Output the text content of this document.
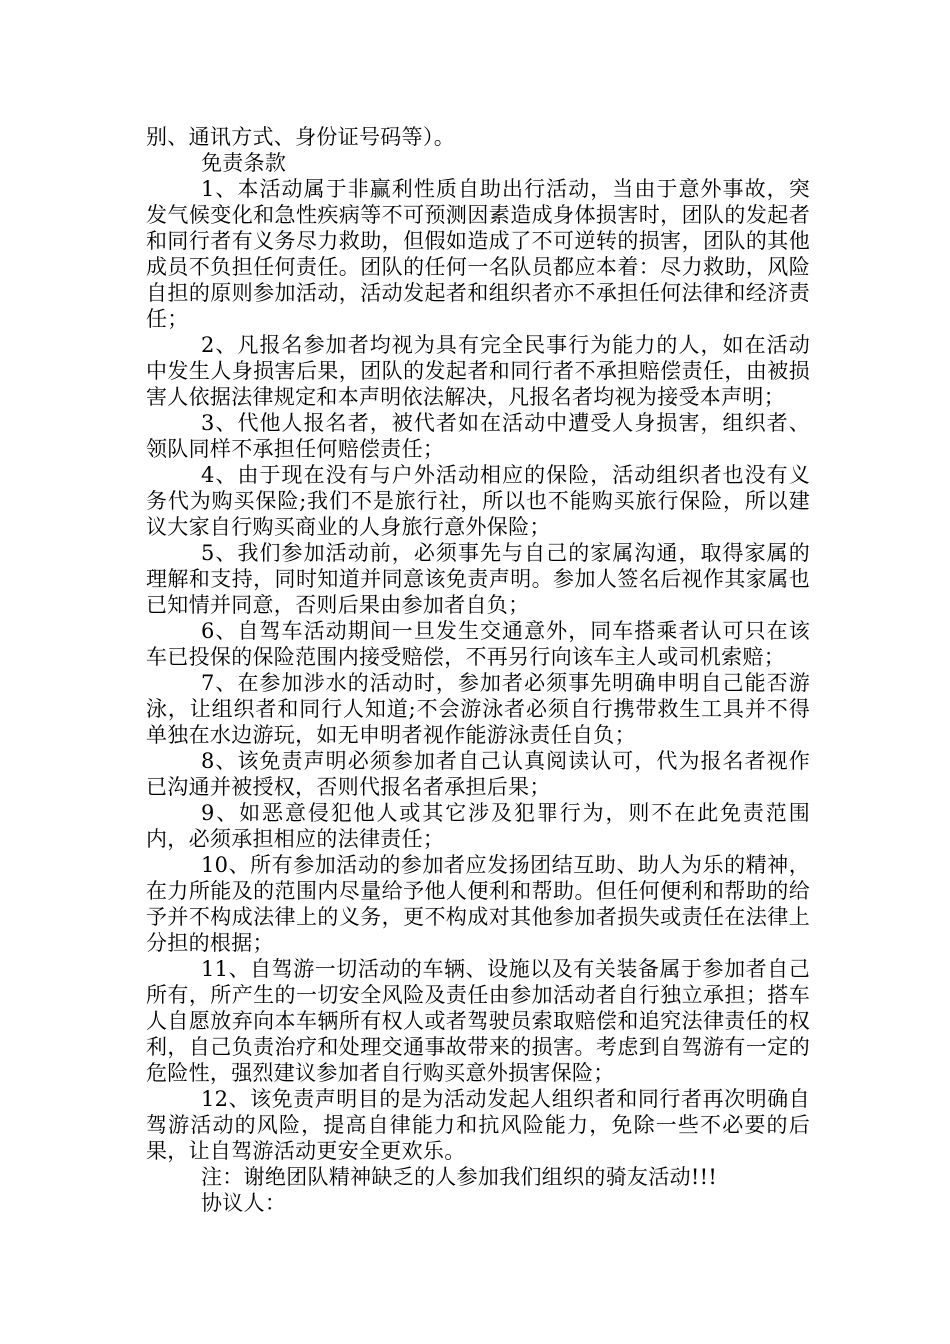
别、通讯方式、身份证号码等）。

免责条款

1、本活动属于非赢利性质自助出行活动，当由于意外事故，突发气候变化和急性疾病等不可预测因素造成身体损害时，团队的发起者和同行者有义务尽力救助，但假如造成了不可逆转的损害，团队的其他成员不负担任何责任。团队的任何一名队员都应本着：尽力救助，风险自担的原则参加活动，活动发起者和组织者亦不承担任何法律和经济责任；

2、凡报名参加者均视为具有完全民事行为能力的人，如在活动中发生人身损害后果，团队的发起者和同行者不承担赔偿责任，由被损害人依据法律规定和本声明依法解决，凡报名者均视为接受本声明；

3、代他人报名者，被代者如在活动中遭受人身损害，组织者、领队同样不承担任何赔偿责任；

4、由于现在没有与户外活动相应的保险，活动组织者也没有义务代为购买保险;我们不是旅行社，所以也不能购买旅行保险，所以建议大家自行购买商业的人身旅行意外保险；

5、我们参加活动前，必须事先与自己的家属沟通，取得家属的理解和支持，同时知道并同意该免责声明。参加人签名后视作其家属也已知情并同意，否则后果由参加者自负；

6、自驾车活动期间一旦发生交通意外，同车搭乘者认可只在该车已投保的保险范围内接受赔偿，不再另行向该车主人或司机索赔；

7、在参加涉水的活动时，参加者必须事先明确申明自己能否游泳，让组织者和同行人知道;不会游泳者必须自行携带救生工具并不得单独在水边游玩，如无申明者视作能游泳责任自负；

8、该免责声明必须参加者自己认真阅读认可，代为报名者视作已沟通并被授权，否则代报名者承担后果；

9、如恶意侵犯他人或其它涉及犯罪行为，则不在此免责范围内，必须承担相应的法律责任；

10、所有参加活动的参加者应发扬团结互助、助人为乐的精神，在力所能及的范围内尽量给予他人便利和帮助。但任何便利和帮助的给予并不构成法律上的义务，更不构成对其他参加者损失或责任在法律上分担的根据；

11、自驾游一切活动的车辆、设施以及有关装备属于参加者自己所有，所产生的一切安全风险及责任由参加活动者自行独立承担；搭车人自愿放弃向本车辆所有权人或者驾驶员索取赔偿和追究法律责任的权利，自己负责治疗和处理交通事故带来的损害。考虑到自驾游有一定的危险性，强烈建议参加者自行购买意外损害保险；

12、该免责声明目的是为活动发起人组织者和同行者再次明确自驾游活动的风险，提高自律能力和抗风险能力，免除一些不必要的后果，让自驾游活动更安全更欢乐。

注：谢绝团队精神缺乏的人参加我们组织的骑友活动!!!

协议人：
